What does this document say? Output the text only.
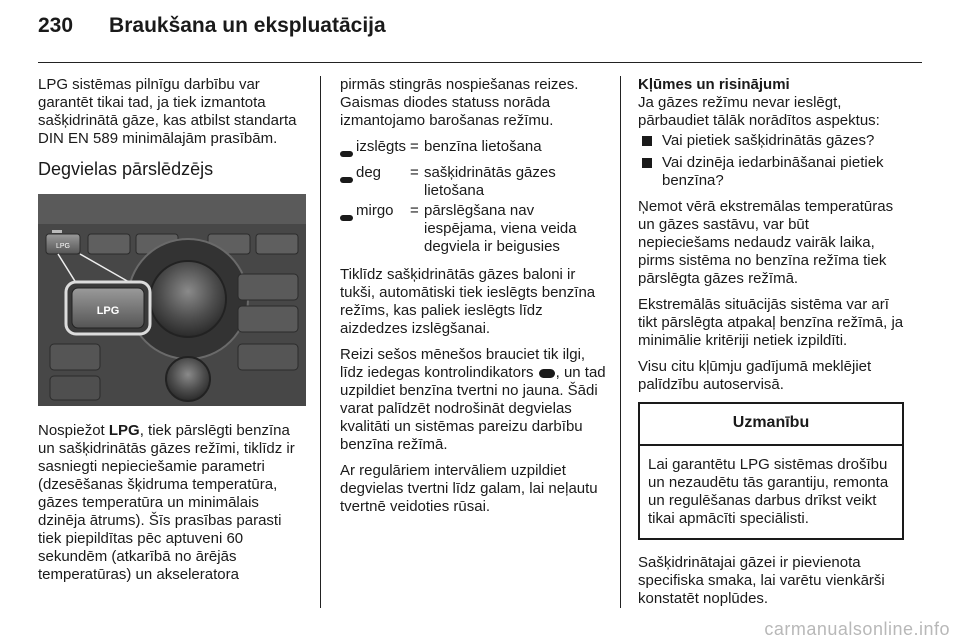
230 Braukšana un ekspluatācija

LPG sistēmas pilnīgu darbību var garantēt tikai tad, ja tiek izmantota sašķidrinātā gāze, kas atbilst standarta DIN EN 589 minimālajām prasībām.

Degvielas pārslēdzējs
LPG
LPG

Nospiežot LPG, tiek pārslēgti benzīna un sašķidrinātās gāzes režīmi, tiklīdz ir sasniegti nepieciešamie parametri (dzesēšanas šķidruma temperatūra, gāzes temperatūra un minimālais dzinēja ātrums). Šīs prasības parasti tiek piepildītas pēc aptuveni 60 sekundēm (atkarībā no ārējās temperatūras) un akseleratora

pirmās stingrās nospiešanas reizes. Gaismas diodes statuss norāda izmantojamo barošanas režīmu.

izslēgts = benzīna lietošana
deg	= sašķidrinātās gāzes lietošana
mirgo	= pārslēgšana nav iespējama, viena veida degviela ir beigusies

Tiklīdz sašķidrinātās gāzes baloni ir tukši, automātiski tiek ieslēgts benzīna režīms, kas paliek ieslēgts līdz aizdedzes izslēgšanai.

Reizi sešos mēnešos brauciet tik ilgi, līdz iedegas kontrolindikators , un tad uzpildiet benzīna tvertni no jauna. Šādi varat palīdzēt nodrošināt degvielas kvalitāti un sistēmas pareizu darbību benzīna režīmā.

Ar regulāriem intervāliem uzpildiet degvielas tvertni līdz galam, lai neļautu tvertnē veidoties rūsai.

Kļūmes un risinājumi

Ja gāzes režīmu nevar ieslēgt, pārbaudiet tālāk norādītos aspektus:

Vai pietiek sašķidrinātās gāzes?
Vai dzinēja iedarbināšanai pietiek benzīna?

Ņemot vērā ekstremālas temperatūras un gāzes sastāvu, var būt nepieciešams nedaudz vairāk laika, pirms sistēma no benzīna režīma tiek pārslēgta gāzes režīmā.

Ekstremālās situācijās sistēma var arī tikt pārslēgta atpakaļ benzīna režīmā, ja minimālie kritēriji netiek izpildīti.

Visu citu kļūmju gadījumā meklējiet palīdzību autoservisā.

Uzmanību
Lai garantētu LPG sistēmas drošību un nezaudētu tās garantiju, remonta un regulēšanas darbus drīkst veikt tikai apmācīti speciālisti.

Sašķidrinātajai gāzei ir pievienota specifiska smaka, lai varētu vienkārši konstatēt noplūdes.

carmanualsonline.info
